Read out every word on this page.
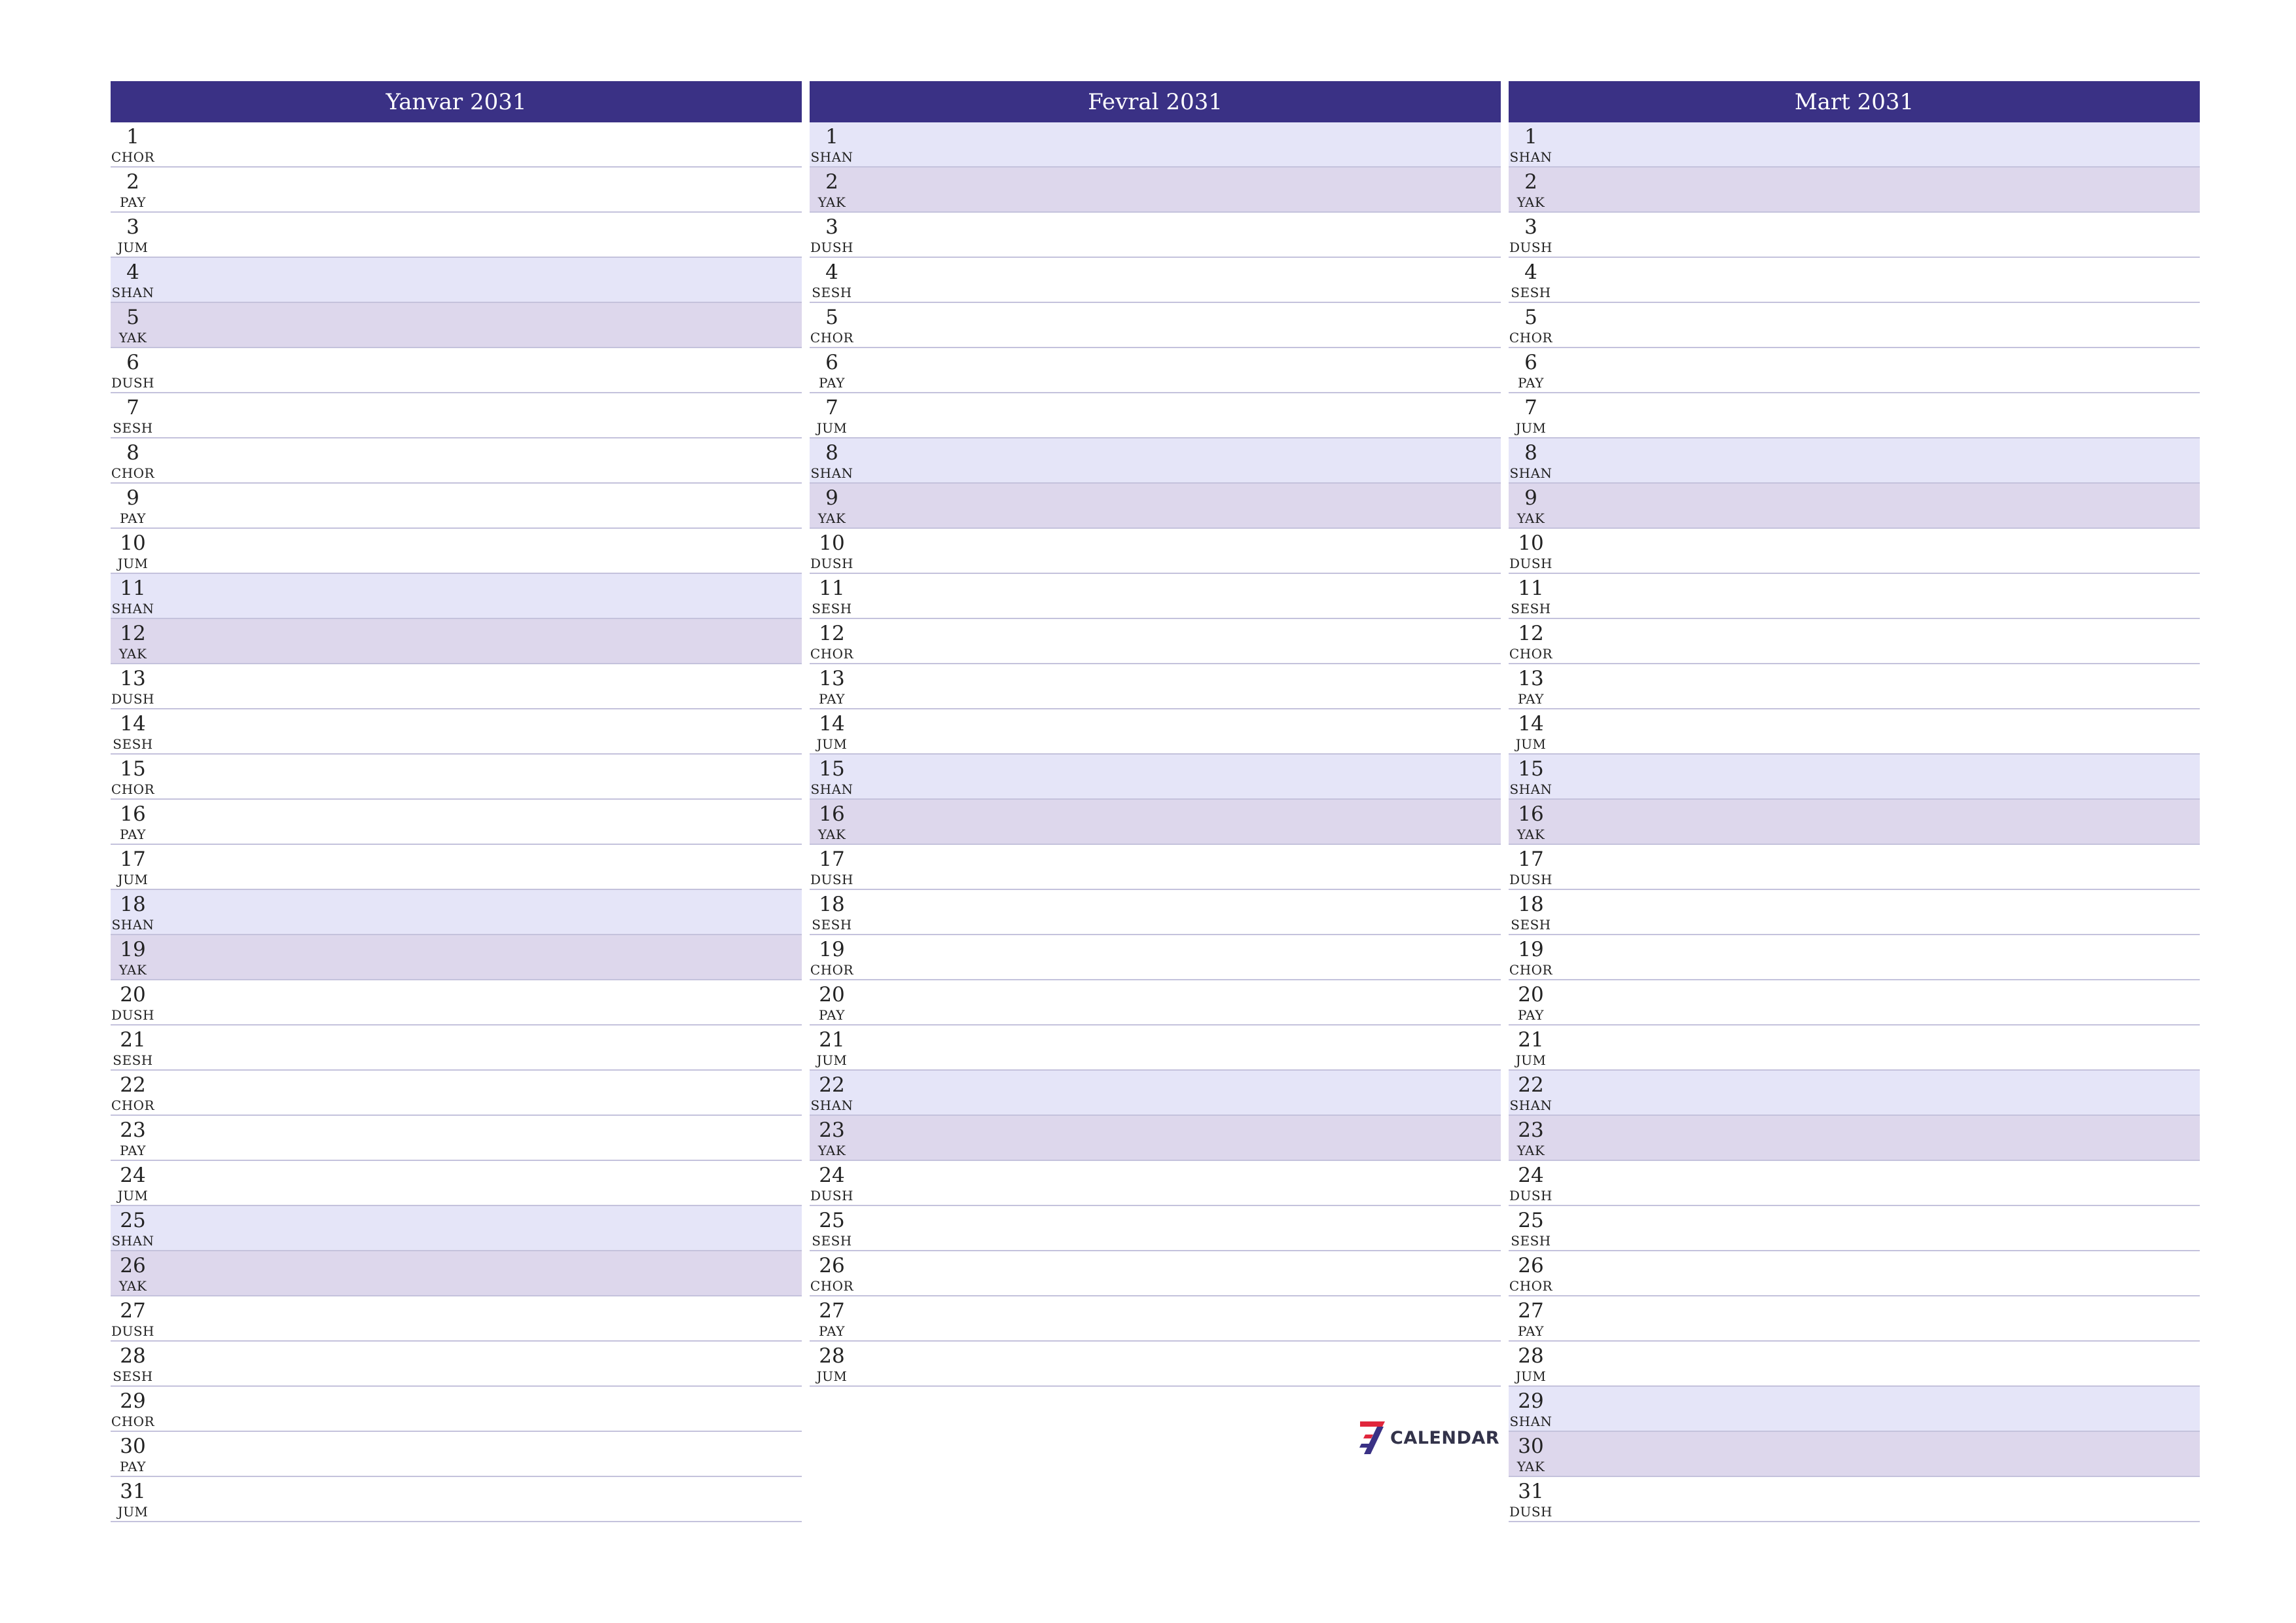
Yanvar 2031
1
CHOR
2
PAY
3
JUM
4
SHAN
5
YAK
6
DUSH
7
SESH
8
CHOR
9
PAY
10
JUM
11
SHAN
12
YAK
13
DUSH
14
SESH
15
CHOR
16
PAY
17
JUM
18
SHAN
19
YAK
20
DUSH
21
SESH
22
CHOR
23
PAY
24
JUM
25
SHAN
26
YAK
27
DUSH
28
SESH
29
CHOR
30
PAY
31
JUM
Fevral 2031
1
SHAN
2
YAK
3
DUSH
4
SESH
5
CHOR
6
PAY
7
JUM
8
SHAN
9
YAK
10
DUSH
11
SESH
12
CHOR
13
PAY
14
JUM
15
SHAN
16
YAK
17
DUSH
18
SESH
19
CHOR
20
PAY
21
JUM
22
SHAN
23
YAK
24
DUSH
25
SESH
26
CHOR
27
PAY
28
JUM
Mart 2031
1
SHAN
2
YAK
3
DUSH
4
SESH
5
CHOR
6
PAY
7
JUM
8
SHAN
9
YAK
10
DUSH
11
SESH
12
CHOR
13
PAY
14
JUM
15
SHAN
16
YAK
17
DUSH
18
SESH
19
CHOR
20
PAY
21
JUM
22
SHAN
23
YAK
24
DUSH
25
SESH
26
CHOR
27
PAY
28
JUM
29
SHAN
30
YAK
31
DUSH
CALENDAR
